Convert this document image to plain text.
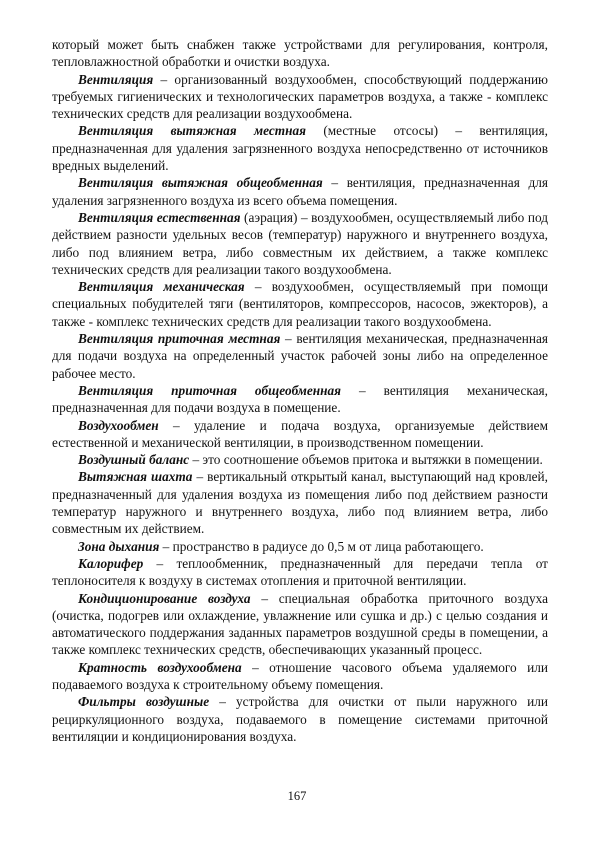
который может быть снабжен также устройствами для регулирования, контроля, тепловлажностной обработки и очистки воздуха.

Вентиляция – организованный воздухообмен, способствующий поддержанию требуемых гигиенических и технологических параметров воздуха, а также - комплекс технических средств для реализации воздухообмена.

Вентиляция вытяжная местная (местные отсосы) – вентиляция, предназначенная для удаления загрязненного воздуха непосредственно от источников вредных выделений.

Вентиляция вытяжная общеобменная – вентиляция, предназначенная для удаления загрязненного воздуха из всего объема помещения.

Вентиляция естественная (аэрация) – воздухообмен, осуществляемый либо под действием разности удельных весов (температур) наружного и внутреннего воздуха, либо под влиянием ветра, либо совместным их действием, а также комплекс технических средств для реализации такого воздухообмена.

Вентиляция механическая – воздухообмен, осуществляемый при помощи специальных побудителей тяги (вентиляторов, компрессоров, насосов, эжекторов), а также - комплекс технических средств для реализации такого воздухообмена.

Вентиляция приточная местная – вентиляция механическая, предназначенная для подачи воздуха на определенный участок рабочей зоны либо на определенное рабочее место.

Вентиляция приточная общеобменная – вентиляция механическая, предназначенная для подачи воздуха в помещение.

Воздухообмен – удаление и подача воздуха, организуемые действием естественной и механической вентиляции, в производственном помещении.

Воздушный баланс – это соотношение объемов притока и вытяжки в помещении.

Вытяжная шахта – вертикальный открытый канал, выступающий над кровлей, предназначенный для удаления воздуха из помещения либо под действием разности температур наружного и внутреннего воздуха, либо под влиянием ветра, либо совместным их действием.

Зона дыхания – пространство в радиусе до 0,5 м от лица работающего.

Калорифер – теплообменник, предназначенный для передачи тепла от теплоносителя к воздуху в системах отопления и приточной вентиляции.

Кондиционирование воздуха – специальная обработка приточного воздуха (очистка, подогрев или охлаждение, увлажнение или сушка и др.) с целью создания и автоматического поддержания заданных параметров воздушной среды в помещении, а также комплекс технических средств, обеспечивающих указанный процесс.

Кратность воздухообмена – отношение часового объема удаляемого или подаваемого воздуха к строительному объему помещения.

Фильтры воздушные – устройства для очистки от пыли наружного или рециркуляционного воздуха, подаваемого в помещение системами приточной вентиляции и кондиционирования воздуха.

167
